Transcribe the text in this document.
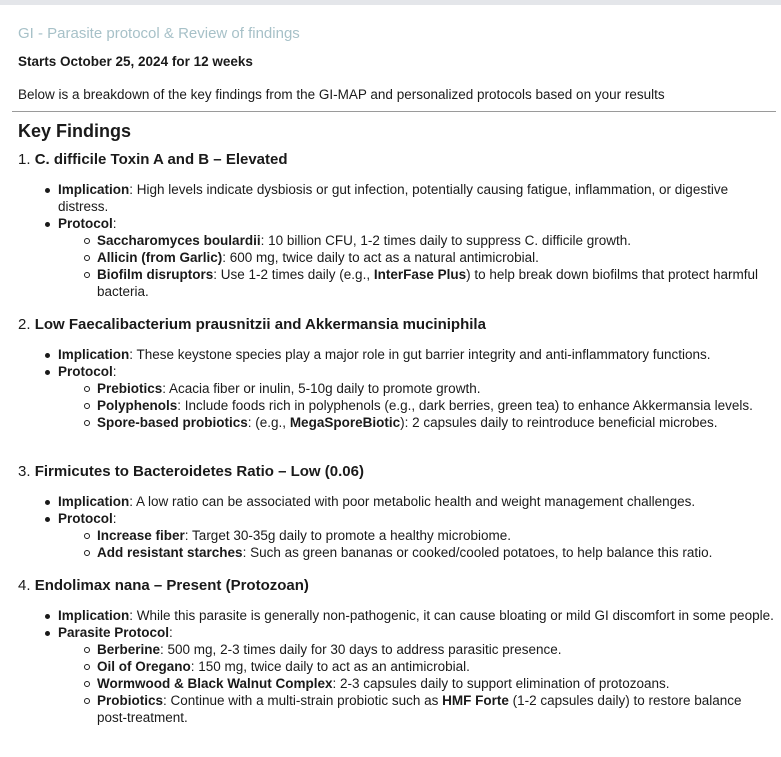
GI - Parasite protocol & Review of findings
Starts October 25, 2024 for 12 weeks
Below is a breakdown of the key findings from the GI-MAP and personalized protocols based on your results
Key Findings

1. C. difficile Toxin A and B – Elevated

Implication: High levels indicate dysbiosis or gut infection, potentially causing fatigue, inflammation, or digestive distress.
Protocol:
Saccharomyces boulardii: 10 billion CFU, 1-2 times daily to suppress C. difficile growth.
Allicin (from Garlic): 600 mg, twice daily to act as a natural antimicrobial.
Biofilm disruptors: Use 1-2 times daily (e.g., InterFase Plus) to help break down biofilms that protect harmful bacteria.

2. Low Faecalibacterium prausnitzii and Akkermansia muciniphila

Implication: These keystone species play a major role in gut barrier integrity and anti-inflammatory functions.
Protocol:
Prebiotics: Acacia fiber or inulin, 5-10g daily to promote growth.
Polyphenols: Include foods rich in polyphenols (e.g., dark berries, green tea) to enhance Akkermansia levels.
Spore-based probiotics: (e.g., MegaSporeBiotic): 2 capsules daily to reintroduce beneficial microbes.

3. Firmicutes to Bacteroidetes Ratio – Low (0.06)

Implication: A low ratio can be associated with poor metabolic health and weight management challenges.
Protocol:
Increase fiber: Target 30-35g daily to promote a healthy microbiome.
Add resistant starches: Such as green bananas or cooked/cooled potatoes, to help balance this ratio.

4. Endolimax nana – Present (Protozoan)

Implication: While this parasite is generally non-pathogenic, it can cause bloating or mild GI discomfort in some people.
Parasite Protocol:
Berberine: 500 mg, 2-3 times daily for 30 days to address parasitic presence.
Oil of Oregano: 150 mg, twice daily to act as an antimicrobial.
Wormwood & Black Walnut Complex: 2-3 capsules daily to support elimination of protozoans.
Probiotics: Continue with a multi-strain probiotic such as HMF Forte (1-2 capsules daily) to restore balance post-treatment.
